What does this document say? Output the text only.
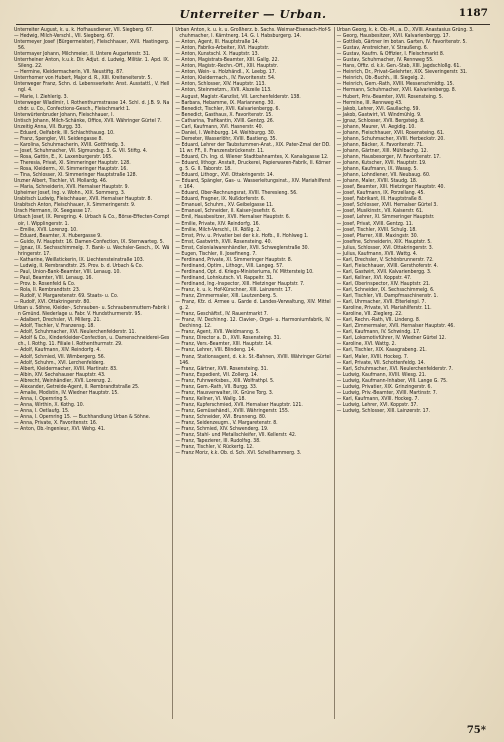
Unterreiter — Urban.	1187

Unterreiter August, k. u. k. Hofhausdiener, VII. Siegberg. 67.

— Hedwig, Milch-Verschl., VII. Siegberg. 67.

Untermeyer Josef (Bürgermeister), Fleischhauer, XVII. Hastingerg. 56.

Untermayer Johann, Milchmeier, II. Untere Augartenstr. 31.

Unterrheiner Anton, k.u.k. Dir. Adjut. d. Ludwig, Militär. 1. Apd. IX. Sileng. 22.

— Hermine, Kleidermacherin, VII. Neustiftg. 87.

Unterrhomer von Hubert, Major d. R., XIII. Kreiteneiterstr. 5.

Unterweger Franz, Schn. d. Lebensverkehr. Anst. Ausstattl., V. Hellngl. 4.

— Marie, I. Ziehlerig. 3.

Unterweger Wladimir, I. Rothenthurmstrasse 14. Schl. d. J.B. 9. Nachdr. u. Co., Confections-Gesch., Fleischmarkt 1.

Unterwürtenbruder Johann, Fleischhauer, I.

Untisch Johann, Milch-Schänke, Office, XVII. Währinger Gürtel 7.

Unzeitig Anna, VII. Burgg. 33.

— Eduard, Oelfabrik, III. Schlachthausg. 10.

— Franz, Spengler, VII. Seidengasse 8.

— Karolina, Schuhmacherin, XVIII. Gottfriedg. 3.

— Josef, Schuhmacher, VII. Sigmundsg. 3. G. VII. Stiftg. 4.

— Rosa, Gattin, E., X. Laxenburgerstr. 165.

— Theresia, Privat, XI. Simmeringer Hauptstr. 128.

— Rosa, Kleiderm., XI. Simmeringer Hauptstr. 16.

— Tina, Schlosser, XI. Simmeringer Hauptstraße 128.

Unzner Albert, Tischler, VI. Mollardg. 46.

— Maria, Schneiderin, XVII. Hernalser Hauptstr. 9.

Upheimer Josef, Ing. v. Wohn., XIX. Sommerg. 3.

Urabitsch Ludwig, Fleischhauer, XVII. Hernalser Hauptstr. 8.

Urabitsch Anton, Fleischhauer, X. Simmeringerstr. 9.

Urach Hermann, IX. Seegasse 17.

Urbach Josef, IX. Peregring. 4. Urbach & Co., Börse-Effecten-Comptoir, I. Wipplingerstr. 1.

— Emilie, XVII. Lorenzg. 10.

— Eduard, Beamter, X. Hubergasse 9.

— Guido, IV. Hauptstr. 16. Damen-Confection, IX. Sternwarteg. 5.

— Jgnaz, IX. Sechsschimmelg. 7. Bank- u. Wechsler-Gesch., IX. Währingerstr. 17.

— Katharine, Weißstickerin, IX. Liechtensteinstraße 103.

— Ludwig, II. Rembrandtstr. 25. Prov. b. d. Urbach & Co.

— Paul, Union-Bank-Beamter, VIII. Lenaug. 10.

— Paul, Beamter, VIII. Lenaug. 16.

— Prov. b. Rosenfeld & Co.

— Rola, II. Rembrandtstr. 23.

— Rudolf, V. Margaretenstr. 69. Staats- u. Co.

— Rudolf, XVI. Ottakringerstr. 80.

Urban u. Söhne, Kleider-, Schrauben- u. Schraubenmuttern-Fabrik in Gmünd. Niederlage u. Fabr. V. Hundsthurmerstr. 95.

— Adalbert, Drechsler, VI. Millerg. 21.

— Adolf, Tischler, V. Franzensg. 18.

— Adolf, Schuhmacher, XVI. Neulerchenfelderstr. 11.

— Adolf & Co., Kinderkleider-Confection, u. Damenschneiderei-Gesch., I. Rothg. 11. Filiale I. Rothenthurmstr. 29.

— Adolf, Kaufmann, XIV. Reindorfg. 4.

— Adolf, Schmied, VII. Wimbergerg. 56.

— Adolf, Schuhm., XVI. Lerchenfelderg.

— Albert, Kleidermacher, XVIII. Martinstr. 83.

— Albin, XIV. Sechshauser Hauptstr. 43.

— Albrecht, Weinhändler, XVII. Lorenzg. 2.

— Alexander, Getreide-Agent, II. Rembrandtstraße 25.

— Amalie, Modistin, IV. Wiedner Hauptstr. 15.

— Anna, I. Opernring 5.

— Anna, Wirthin, X. Kothg. 10.

— Anna, I. Oetlaufg. 15.

— Anna, I. Opernring 15. — Buchhandlung Urban & Söhne.

— Anna, Private, X. Favoritenstr. 16.

— Anton, Ob.-Ingenieur, XVI. Wehg. 41.

Urban Anton, k. u. k. u. Großherz. b. Sachs. Weimar-Eisenach-Hof-Schuhmacher, I. Kärntnerg. 14. G. I. Habsburgerg. 14.

— Anton, Agent, III. Hauptstraße 14.

— Anton, Fabriks-Arbeiter, XVI. Hauptstr.

— Anton, Kunstschl. X. Hauptstr. 13.

— Anton, Magistrats-Beamter, XIII. Gallg. 22.

— Anton, Magistr.-Rechn.-Off., XIII. Hauptstr.

— Anton, Wein- u. Holzhändl., X. Leebg. 17.

— Anton, Kleidermach., IV. Favoritenstr. 54.

— Anton, Schlosser, XIV. Hauptstr. 113.

— Anton, Steinmetzm., XVII. Alszeile 113.

— August, Magistr.-Kanzlist, VII. Lerchenfelderstr. 138.

— Barbara, Hebamme, IX. Marianneng. 30.

— Benedict, Tischler, XVII. Kalvarienbergg. 6.

— Benedict, Gasthaus, X. Favoritenstr. 15.

— Catharina, Trafikantin, XVIII. Gentzg. 26.

— Carl, Kaufmann, XVI. Hasnerstr. 40.

— Daniel, I. Weihburgg. 14. Weihburgg. 30.

— Demeter, Wasserlöhr, XVIII. Bastieng. 35.

— Eduard, Lehrer der Taubstummen-Anst., XIX. Pater-Zmal der DD. 11 wr. FF., II. Franzensbrückenstr. 11.

— Eduard, Ch. Ing. d. Wiener Stadtbahnamtes, X. Kanalsgasse 12.

— Eduard, lithogr. Anstalt, Druckerei, Papierwaren-Fabrik, II. Körnerg. 5. G. II. Taborstr. 18.

— Eduard, Lithogr., XVI. Ottakringerstr. 14.

— Eduard, Spängler, Gas- u. Wasserleitungsinst., XIV. Mariahilferstr. 164.

— Eduard, Ober-Rechnungsrat, XVIII. Theresieng. 56.

— Eduard, Fragner, IX. Nußdorferstr. 6.

— Emanuel, Schuhm., XV. Geibelgasse 11.

— Emanuel, Schneider, II. Kaiser-Josefstr. 6.

— Emil, Hausbesitzer, XVII. Hernalser Hauptstr. 6.

— Emilie, Private, XIV. Reindorfg. 16.

— Emilie, Milch-Verschl., IX. Rößlg. 2.

— Ernst, Priv. u. Privatier bei der k.k. Hofb., II. Hohlweg 1.

— Ernst, Gastwirth, XVII. Rosensteing. 40.

— Ernst, Colonialwarenhändler, XVII. Schweglerstraße 30.

— Eugen, Tischler, II. Josefineng. 7.

— Ferdinand, Private, XI. Simmeringer Hauptstr. 8.

— Ferdinand, Optim., Lithogr., VIII. Langeg. 57.

— Ferdinand, Opt. d. Kriegs-Ministeriums, IV. Mittersteig 10.

— Ferdinand, Lohnkutsch. VI. Rappeltr. 31.

— Ferdinand, Ing.-Inspector, XIII. Hietzinger Hauptstr. 7.

— Franz, k. u. k. Hof-Kürschner, XIII. Lainzerstr. 17.

— Franz, Zimmermaler, XIII. Lautzenberg. 5.

— Franz, Kfz. d. Armee u. Garde d. Landes-Verwaltung, XIV. Mittelg. 2.

— Franz, Geschäftsf., IV. Rauentmarkt 7.

— Franz, IV. Dechinng. 12. Clavier-, Orgel- u. Harmoniumfabrik, IV. Dechinng. 12.

— Franz, Agent, XVII. Weidmanng. 5.

— Franz, Director a. D., XVII. Rosensteing. 31.

— Franz, Vers.-Beamter, XIII. Hauptstr. 14.

— Franz, Lehrer, VIII. Blindeng. 14.

— Franz, Stationsagent, d. k.k. St.-Bahnen, XVIII. Währinger Gürtel 146.

— Franz, Gärtner, XVII. Rosensteing. 31.

— Franz, Expedient, VII. Zollerg. 14.

— Franz, Fuhrwerksbes., XIII. Wolfrathpl. 5.

— Franz, Gem.-Rath, VII. Burgg. 33.

— Franz, Hausverwalter, IX. Grüne Torg. 3.

— Franz, Kellner, VI. Wallg. 18.

— Franz, Kupferschmied, XVII. Hernalser Hauptstr. 121.

— Franz, Gemüsehändl., XVIII. Währingerstr. 155.

— Franz, Schneider, XVI. Brunneng. 80.

— Franz, Seidenzeugm., V. Margaretenstr. 8.

— Franz, Schmied, XIV. Schwenderg. 19.

— Franz, Stahl- und Metallschleifer, VII. Kellerstr. 42.

— Franz, Tapezierer, III. Rudolfsg. 38.

— Franz, Tischler, V. Rückertg. 12.

— Franz Moriz, k.k. Ob. d. Sch. XVI. Schellhammerg. 3.

Urban Georg, k. k. Ob.-M., a. D., XVIII. Anastasius Grüng. 3.

— Georg, Hausbesitzer, XVII. Kalvarienbergg. 17.

— Gottlieb, Gärtner im botan. Garten, IV. Favoritenstr. 5.

— Gustav, Anstreicher, V. Straußeng. 6.

— Gustav, Kaufm. & Offizier, I. Fleischmarkt 8.

— Gustav, Schuhmacher, IV. Rennweg 55.

— Hans, Offiz. d. k.k. Gen.-Stab, XIII. Jagdschloßg. 61.

— Heinrich, Dr., Privat-Gelehrter, XIX. Sieveringerstr. 31.

— Heinrich, Ob.-Buchh., III. Siegelg. 2.

— Heinrich, Gem.-Rath, XVIII. Messerschmidtg. 15.

— Hermann, Schuhmacher, XVII. Kalvarienbergg. 8.

— Hubert, Priv.-Beamter, XVII. Rosensteing. 5.

— Hermine, III. Rennweg 43.

— Jakob, Lehrer, XVI. Gaullachg. 59.

— Jakob, Gastwirt, VI. Windmühlg. 9.

— Jgnaz, Schlosser, XVII. Bergsteig. 8.

— Johann, Maurer, VI. Aegidig. 10.

— Johann, Fleischhauer, XVII. Rosensteing. 61.

— Johann, Schuhmacher, XVIII. Herbeckstr. 20.

— Johann, Bäcker, X. Favoritenstr. 71.

— Johann, Gärtner, XIII. Mühlbachg. 12.

— Johann, Hausbesorger, IV. Favoritenstr. 17.

— Johann, Kutscher, XVII. Hauptstr. 19.

— Johann, Kaufmann, IX. Wasag. 5.

— Johann, Lohndiener, VII. Neubaug. 60.

— Johann, Maler, XVIII. Staudg. 18.

— Josef, Beamter, XIII. Hietzinger Hauptstr. 40.

— Josef, Kaufmann, IX. Porzellang. 45.

— Josef, Fabrikant, III. Hauptstraße 8.

— Josef, Schlosser, XVII. Hernalser Gürtel 3.

— Josef, Musikinstr., VII. Kaiserstr. 61.

— Josef, Lehrer, XI. Simmeringer Hauptstr.

— Josef, Privat, XVIII. Gentzg. 11.

— Josef, Tischler, XVIII. Schulg. 18.

— Josef, Pfarrer, XIII. Maxingstr. 30.

— Josefine, Schneiderin, XIX. Hauptstr. 5.

— Julius, Schlosser, XVI. Ottakringerstr. 3.

— Julius, Kaufmann, XVII. Wattg. 4.

— Karl, Drechsler, V. Schönbrunnerstr. 72.

— Karl, Fleischhauer, XVIII. Gersthoferstr. 4.

— Karl, Gastwirt, XVII. Kalvarienbergg. 3.

— Karl, Kellner, XVI. Koppstr. 47.

— Karl, Oberinspector, XIV. Hauptstr. 21.

— Karl, Schneider, IX. Sechsschimmelg. 6.

— Karl, Tischler, VII. Dampfmaschinenstr. 1.

— Karl, Uhrmacher, XVII. Elterleinpl. 7.

— Karoline, Private, VI. Mariahilferstr. 11.

— Karoline, VII. Zieglerg. 22.

— Karl, Rechn.-Rath, VII. Lindeng. 8.

— Karl, Zimmermaler, XVII. Hernalser Hauptstr. 46.

— Karl, Kaufmann, IV. Schwindg. 17.

— Karl, Lokomotivführer, IV. Wiedner Gürtel 12.

— Karoline, XVI. Wattg. 2.

— Karl, Tischler, XIX. Kaasgrabeng. 21.

— Karl, Maler, XVIII. Hockeg. 7.

— Karl, Private, VII. Schottenfeldg. 14.

— Karl, Schuhmacher, XVI. Neulerchenfelderstr. 7.

— Ludwig, Kaufmann, XVIII. Wiesg. 21.

— Ludwig, Kaufmann-Inhaber, VIII. Lange G. 75.

— Ludwig, Privatier, XIX. Grinzingerstr. 6.

— Ludwig, Priv.-Beamter, XVIII. Martinstr. 7.

— Karl, Kaufmann, XVIII. Hockeg. 7.

— Ludwig, Lehrer, XVI. Koppstr. 37.

— Ludwig, Schlosser, XIII. Lainzerstr. 17.

75*
